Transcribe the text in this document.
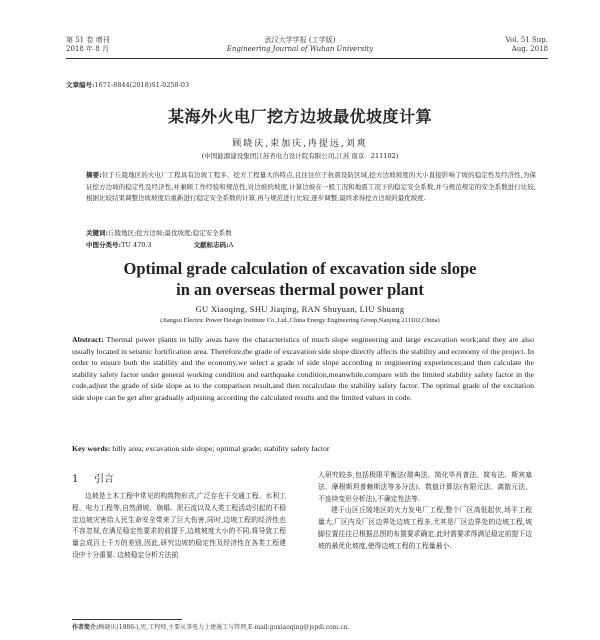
第 51 卷 增刊
2018 年 8 月
武汉大学学报 (工学版)
Engineering Journal of Wuhan University
Vol. 51 Sup.
Aug. 2018
文章编号:1671-8844(2018)S1-0258-03
某海外火电厂挖方边坡最优坡度计算
顾晓庆,束加庆,冉提远,刘爽
(中国能源建设集团江苏省电力设计院有限公司,江苏 南京　211102)
摘要:位于丘陵地区的火电厂工程具有边坡工程多、挖方工程量大的特点,且往往位于抗震设防区域,挖方边坡坡度的大小直接影响了坡的稳定性及经济性,为保证挖方边坡的稳定性及经济性,并兼顾工作经验和规范性,对边坡的坡度,计算边坡在一般工况和地震工况下的稳定安全系数,并与规范规定的安全系数进行比较,根据比较结果调整边坡坡度后重新进行稳定安全系数的计算,再与规范进行比较,逐步调整,最终求得挖方边坡的最优坡度.
关键词:丘陵地区;挖方边坡;最优坡度;稳定安全系数
中图分类号:TU 470.3	文献标志码:A
Optimal grade calculation of excavation side slope
in an overseas thermal power plant
GU Xiaoqing, SHU Jiaqing, RAN Shuyuan, LIU Shuang
(Jiangsu Electric Power Design Institute Co.,Ltd.,China Energy Engineering Group,Nanjing 211102,China)
Abstract: Thermal power plants in hilly areas have the characteristics of much slope engineering and large excavation work;and they are also usually located in seismic fortification area. Therefore,the grade of excavation side slope directly affects the stability and economy of the project. In order to ensure both the stability and the economy,we select a grade of side slope according to engineering experiences;and then calculate the stability safety factor under general working condition and earthquake condition,meanwhile,compare with the limited stability safety factor in the code,adjust the grade of side slope as to the comparison result,and then recalculate the stability safety factor. The optimal grade of the excitation side slope can be get after gradually adjusting according the calculated results and the limited values in code.
Key words: hilly area; excavation side slope; optimal grade; stability safety factor
1 引言

边坡是土木工程中常见的构筑物形式,广泛存在于交通工程、水利工程、电力工程等,自然滑坡、崩塌、泥石流以及人类工程活动引起的不稳定边坡灾害给人民生命安全带来了巨大伤害,同时,边坡工程的经济性也不容忽视,在满足稳定性要求的前提下,边坡坡度大小的不同,将导致工程量会成百上千万的差别,因此,研究边坡的稳定性及经济性在各类工程建设中十分重要. 边坡稳定分析方法前

人研究较多,包括极限平衡法(瑞典法、简化毕肖普法、简布法、斯宾塞法、摩根斯坦普赖斯法等多分法)、数值计算法(有限元法、离散元法、不连续变形分析法),不确定性法等.

建于山区丘陵地区的火力发电厂工程,整个厂区高低起伏,场平工程量大,厂区内及厂区边界处边坡工程多,尤其是厂区边界处的边坡工程,坡脚位置往往已根据总图的布置要求确定,此时需要求得满足稳定前提下边坡的最优化坡度,使得边坡工程的工程量最小.

作者简介:顾晓庆(1986-),男,工程师,主要从事电力土建施工与管理,E-mail:guxiaoqing@jspdi.com.cn.
